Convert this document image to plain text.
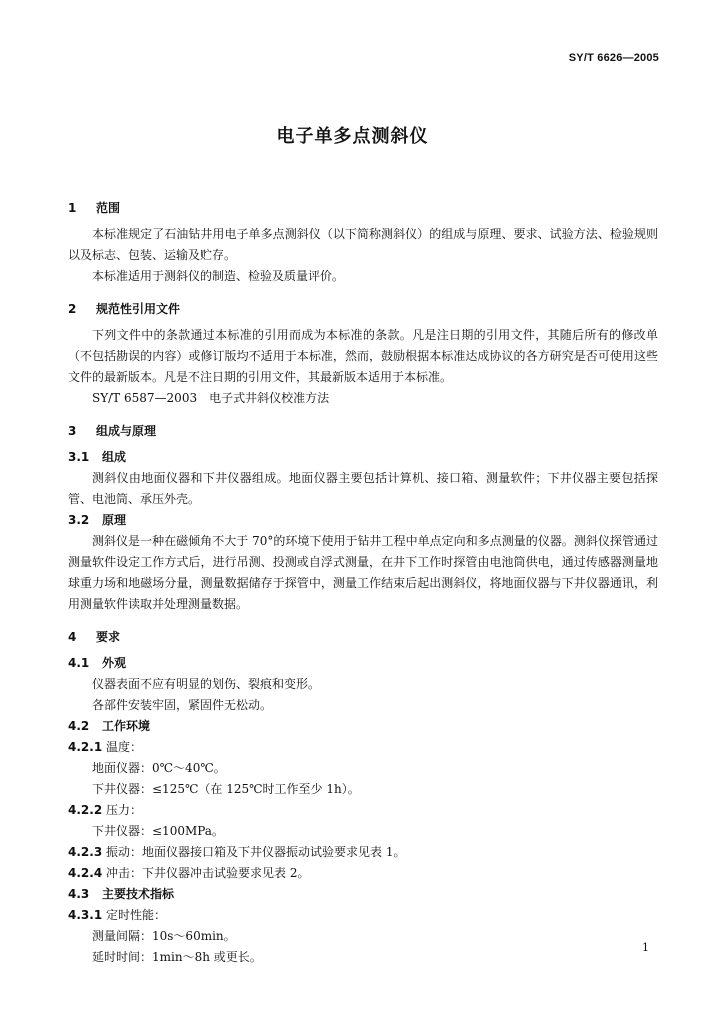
SY/T 6626—2005
电子单多点测斜仪
1 范围
本标准规定了石油钻井用电子单多点测斜仪（以下简称测斜仪）的组成与原理、要求、试验方法、检验规则以及标志、包装、运输及贮存。
本标准适用于测斜仪的制造、检验及质量评价。
2 规范性引用文件
下列文件中的条款通过本标准的引用而成为本标准的条款。凡是注日期的引用文件，其随后所有的修改单（不包括勘误的内容）或修订版均不适用于本标准，然而，鼓励根据本标准达成协议的各方研究是否可使用这些文件的最新版本。凡是不注日期的引用文件，其最新版本适用于本标准。
SY/T 6587—2003　电子式井斜仪校准方法
3 组成与原理
3.1 组成
测斜仪由地面仪器和下井仪器组成。地面仪器主要包括计算机、接口箱、测量软件；下井仪器主要包括探管、电池筒、承压外壳。
3.2 原理
测斜仪是一种在磁倾角不大于 70°的环境下使用于钻井工程中单点定向和多点测量的仪器。测斜仪探管通过测量软件设定工作方式后，进行吊测、投测或自浮式测量，在井下工作时探管由电池筒供电，通过传感器测量地球重力场和地磁场分量，测量数据储存于探管中，测量工作结束后起出测斜仪，将地面仪器与下井仪器通讯，利用测量软件读取并处理测量数据。
4 要求
4.1 外观
仪器表面不应有明显的划伤、裂痕和变形。
各部件安装牢固，紧固件无松动。
4.2 工作环境
4.2.1 温度：
地面仪器：0℃～40℃。
下井仪器：≤125℃（在 125℃时工作至少 1h）。
4.2.2 压力：
下井仪器：≤100MPa。
4.2.3 振动：地面仪器接口箱及下井仪器振动试验要求见表 1。
4.2.4 冲击：下井仪器冲击试验要求见表 2。
4.3 主要技术指标
4.3.1 定时性能：
测量间隔：10s～60min。
延时时间：1min～8h 或更长。
1
